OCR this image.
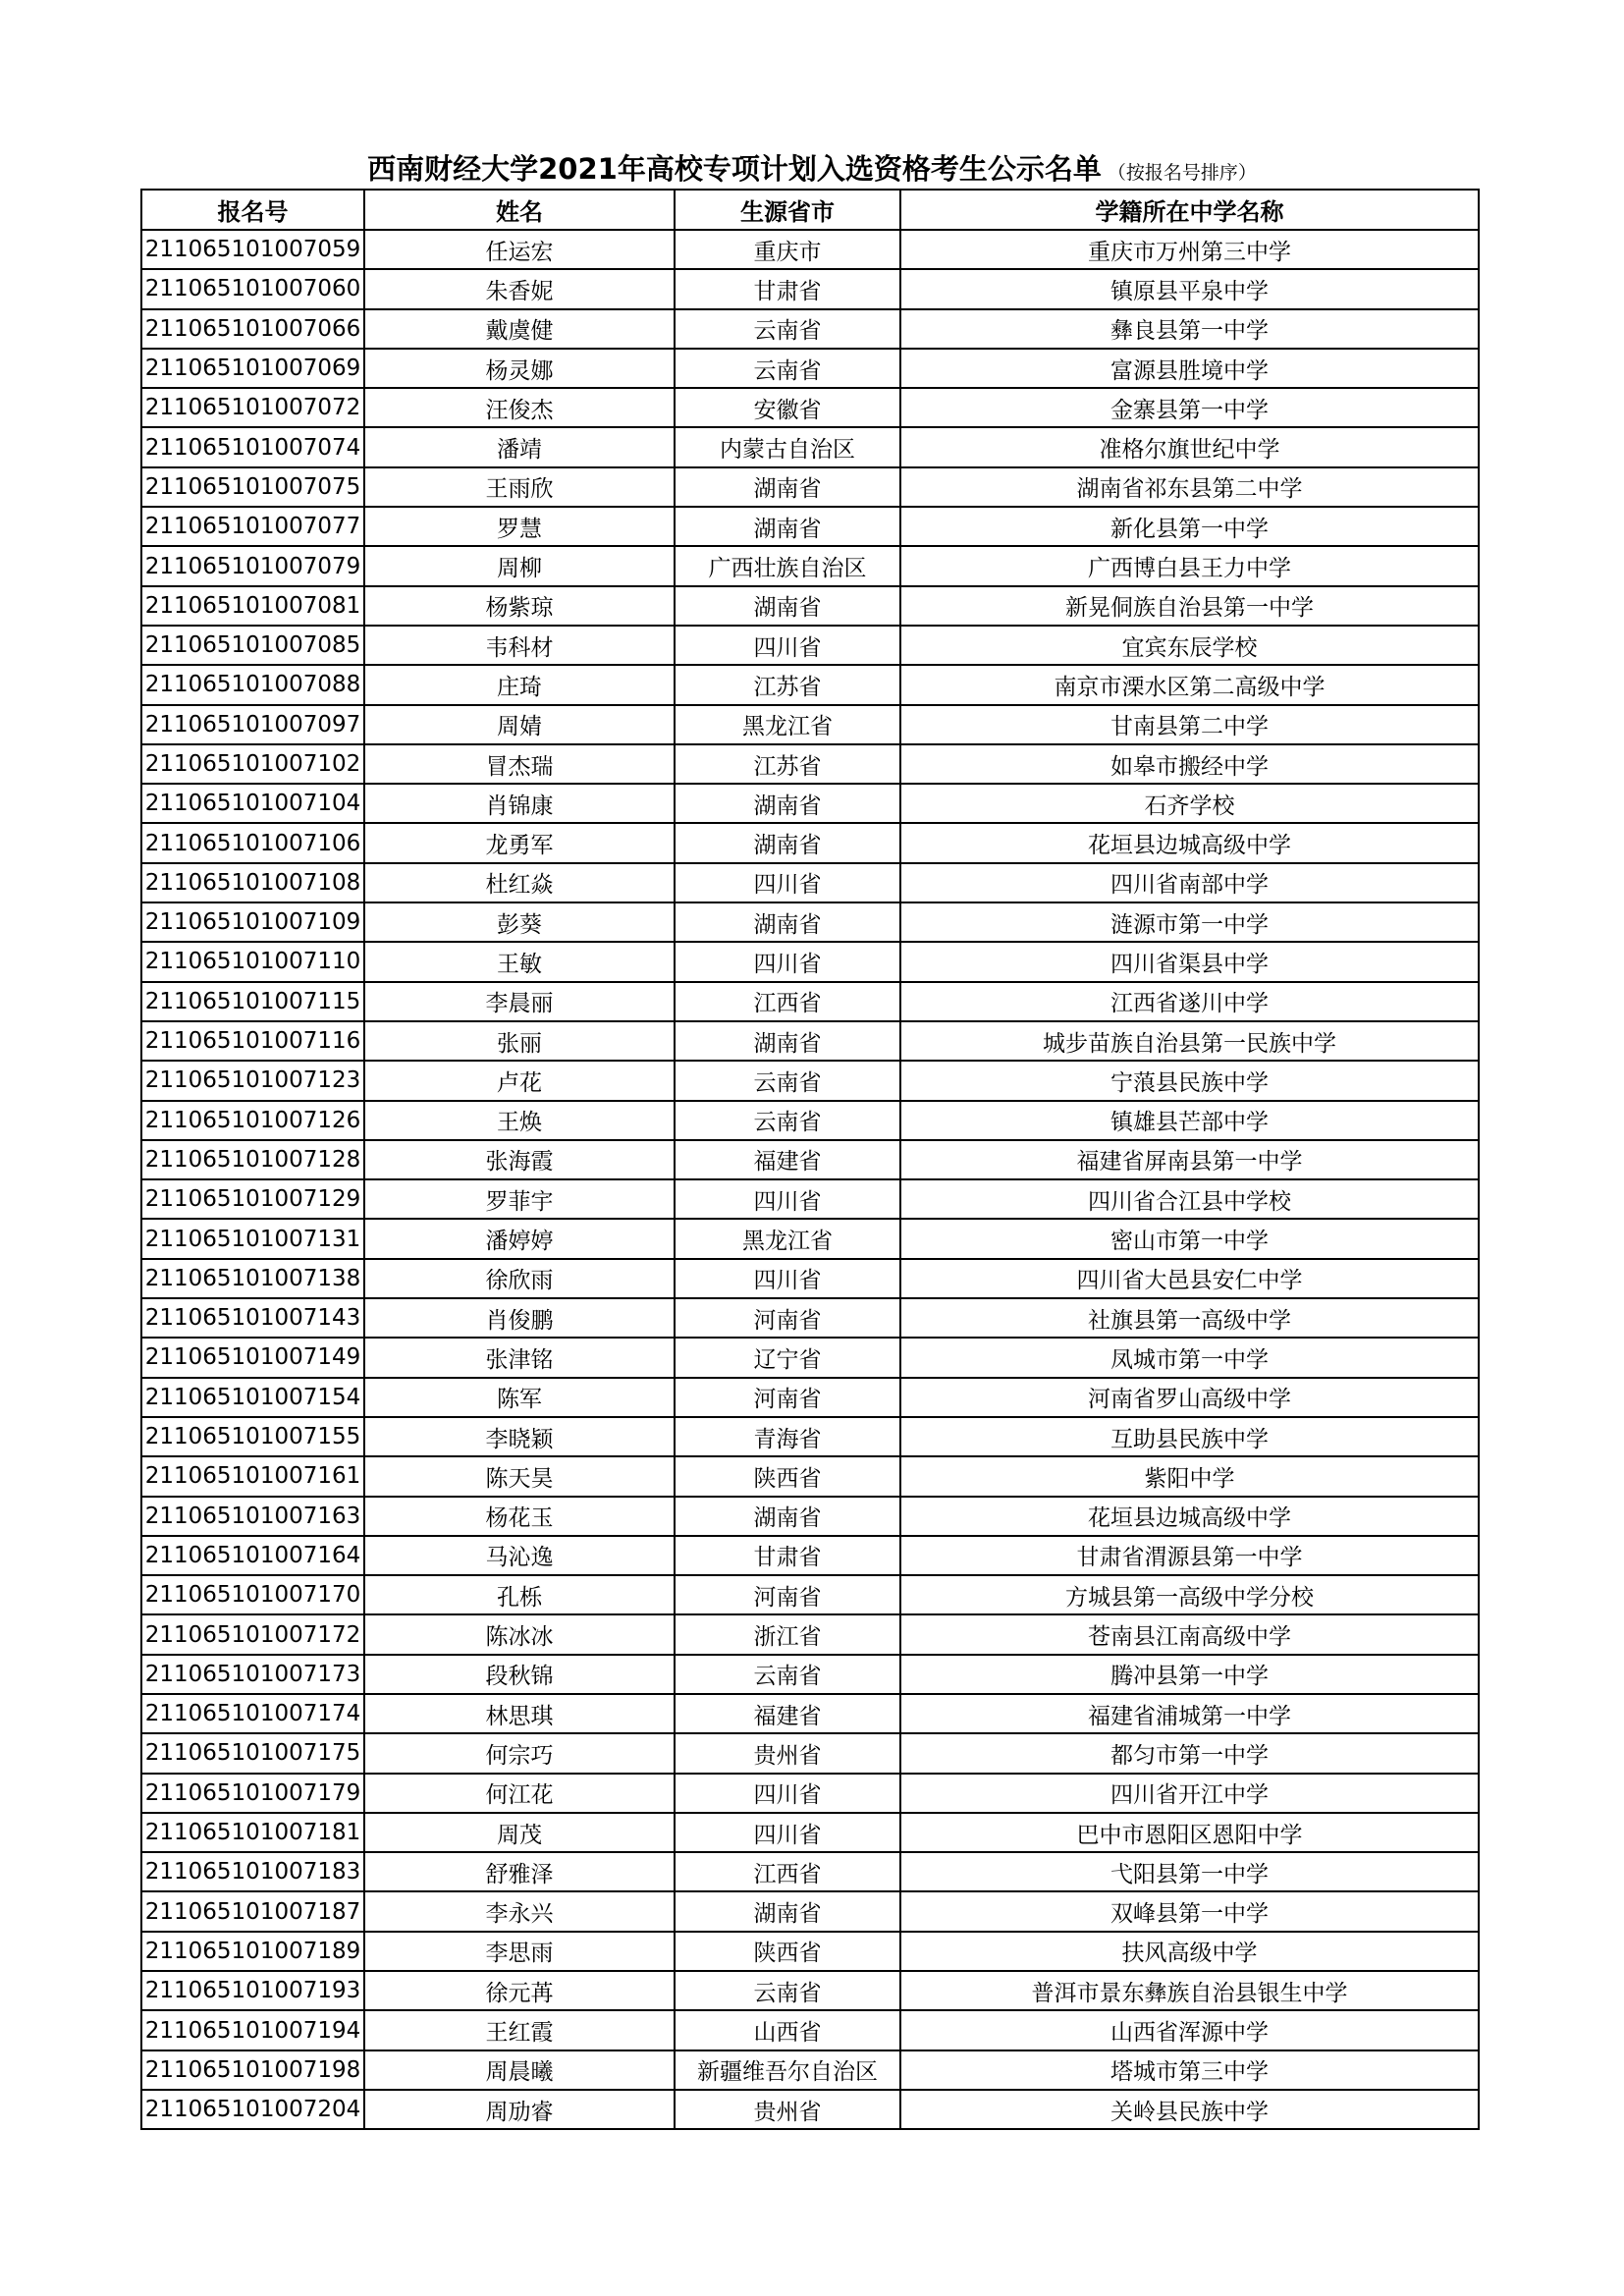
西南财经大学2021年高校专项计划入选资格考生公示名单 （按报名号排序）
报名号	姓名	生源省市	学籍所在中学名称
211065101007059	任运宏	重庆市	重庆市万州第三中学
211065101007060	朱香妮	甘肃省	镇原县平泉中学
211065101007066	戴虞健	云南省	彝良县第一中学
211065101007069	杨灵娜	云南省	富源县胜境中学
211065101007072	汪俊杰	安徽省	金寨县第一中学
211065101007074	潘靖	内蒙古自治区	准格尔旗世纪中学
211065101007075	王雨欣	湖南省	湖南省祁东县第二中学
211065101007077	罗慧	湖南省	新化县第一中学
211065101007079	周柳	广西壮族自治区	广西博白县王力中学
211065101007081	杨紫琼	湖南省	新晃侗族自治县第一中学
211065101007085	韦科材	四川省	宜宾东辰学校
211065101007088	庄琦	江苏省	南京市溧水区第二高级中学
211065101007097	周婧	黑龙江省	甘南县第二中学
211065101007102	冒杰瑞	江苏省	如皋市搬经中学
211065101007104	肖锦康	湖南省	石齐学校
211065101007106	龙勇军	湖南省	花垣县边城高级中学
211065101007108	杜红焱	四川省	四川省南部中学
211065101007109	彭葵	湖南省	涟源市第一中学
211065101007110	王敏	四川省	四川省渠县中学
211065101007115	李晨丽	江西省	江西省遂川中学
211065101007116	张丽	湖南省	城步苗族自治县第一民族中学
211065101007123	卢花	云南省	宁蒗县民族中学
211065101007126	王焕	云南省	镇雄县芒部中学
211065101007128	张海霞	福建省	福建省屏南县第一中学
211065101007129	罗菲宇	四川省	四川省合江县中学校
211065101007131	潘婷婷	黑龙江省	密山市第一中学
211065101007138	徐欣雨	四川省	四川省大邑县安仁中学
211065101007143	肖俊鹏	河南省	社旗县第一高级中学
211065101007149	张津铭	辽宁省	凤城市第一中学
211065101007154	陈军	河南省	河南省罗山高级中学
211065101007155	李晓颖	青海省	互助县民族中学
211065101007161	陈天昊	陕西省	紫阳中学
211065101007163	杨花玉	湖南省	花垣县边城高级中学
211065101007164	马沁逸	甘肃省	甘肃省渭源县第一中学
211065101007170	孔栎	河南省	方城县第一高级中学分校
211065101007172	陈冰冰	浙江省	苍南县江南高级中学
211065101007173	段秋锦	云南省	腾冲县第一中学
211065101007174	林思琪	福建省	福建省浦城第一中学
211065101007175	何宗巧	贵州省	都匀市第一中学
211065101007179	何江花	四川省	四川省开江中学
211065101007181	周茂	四川省	巴中市恩阳区恩阳中学
211065101007183	舒雅泽	江西省	弋阳县第一中学
211065101007187	李永兴	湖南省	双峰县第一中学
211065101007189	李思雨	陕西省	扶风高级中学
211065101007193	徐元苒	云南省	普洱市景东彝族自治县银生中学
211065101007194	王红霞	山西省	山西省浑源中学
211065101007198	周晨曦	新疆维吾尔自治区	塔城市第三中学
211065101007204	周劢睿	贵州省	关岭县民族中学
